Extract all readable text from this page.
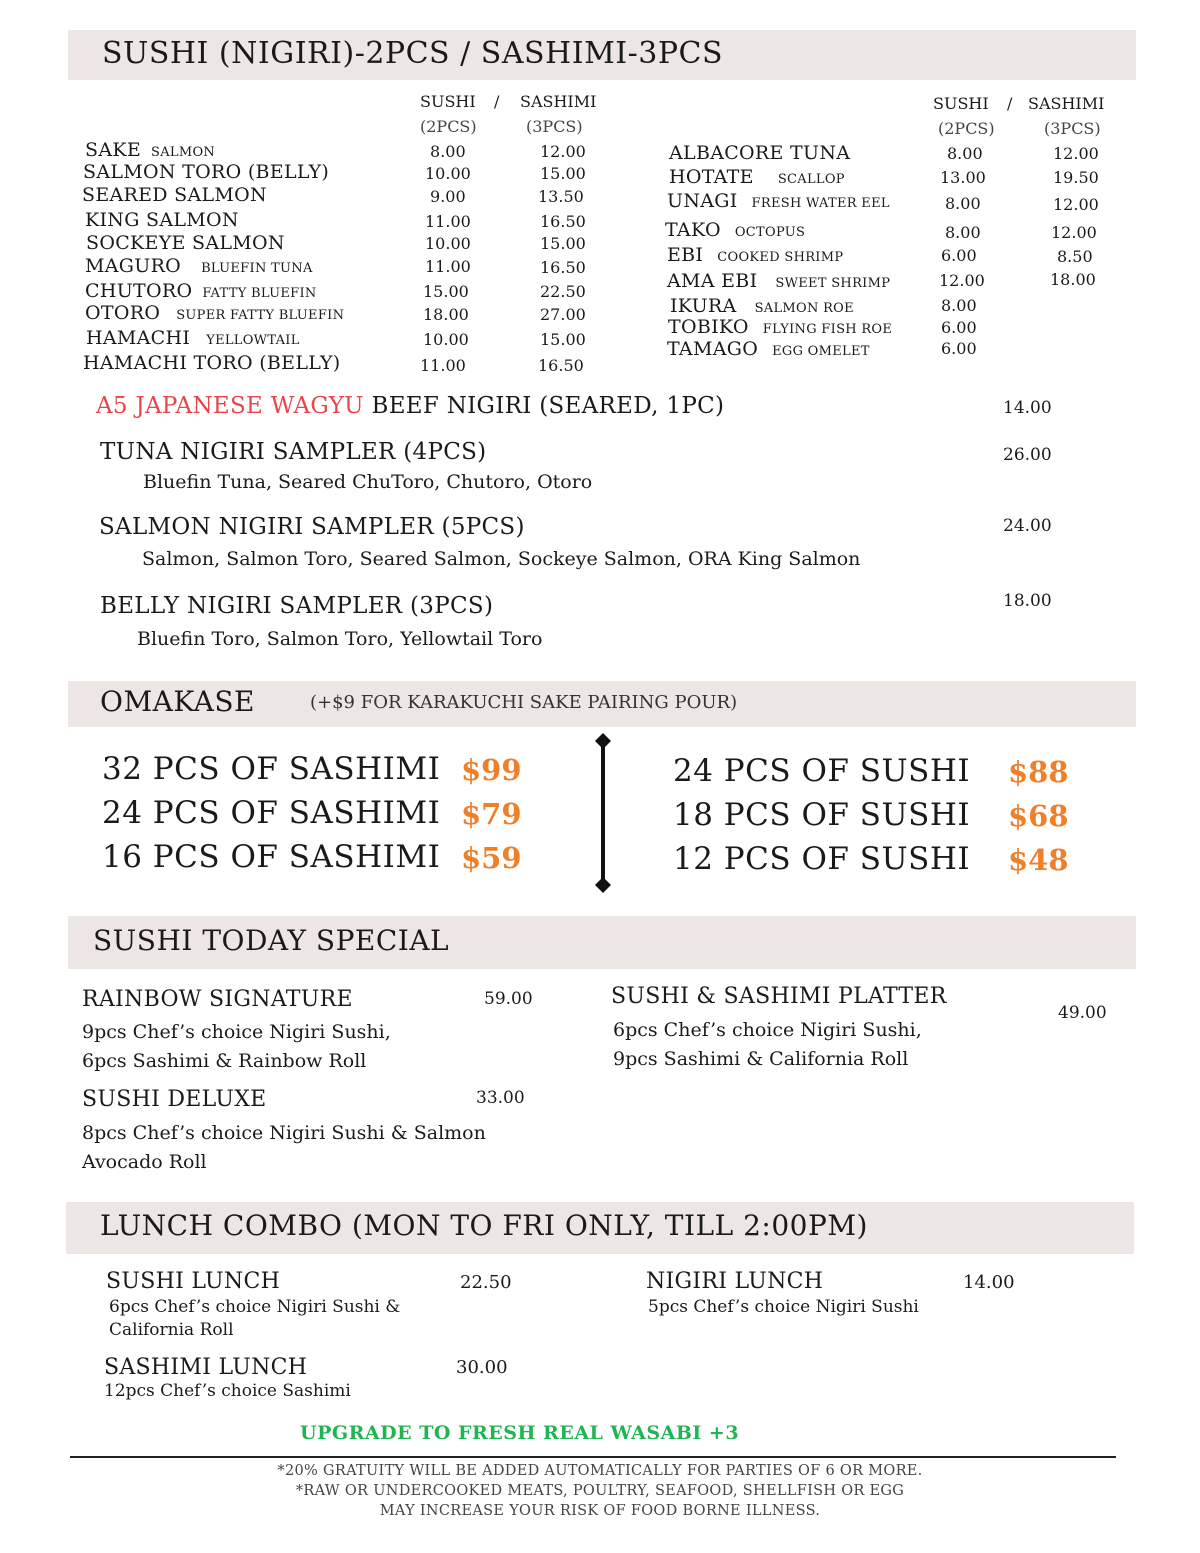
SUSHI (NIGIRI)-2PCS / SASHIMI-3PCS
SUSHI / SASHIMI
(2PCS)	(3PCS)
SUSHI / SASHIMI
(2PCS)	(3PCS)
SAKE SALMON	8.00	12.00
SALMON TORO (BELLY)	10.00	15.00
SEARED SALMON	9.00	13.50
KING SALMON	11.00	16.50
SOCKEYE SALMON	10.00	15.00
MAGURO BLUEFIN TUNA	11.00	16.50
CHUTORO FATTY BLUEFIN	15.00	22.50
OTORO SUPER FATTY BLUEFIN	18.00	27.00
HAMACHI YELLOWTAIL	10.00	15.00
HAMACHI TORO (BELLY)	11.00	16.50
ALBACORE TUNA	8.00	12.00
HOTATE SCALLOP	13.00	19.50
UNAGI FRESH WATER EEL	8.00	12.00
TAKO OCTOPUS	8.00	12.00
EBI COOKED SHRIMP	6.00	8.50
AMA EBI SWEET SHRIMP	12.00	18.00
IKURA SALMON ROE	8.00
TOBIKO FLYING FISH ROE	6.00
TAMAGO EGG OMELET	6.00
A5 JAPANESE WAGYU BEEF NIGIRI (SEARED, 1PC)	14.00
TUNA NIGIRI SAMPLER (4PCS)
Bluefin Tuna, Seared ChuToro, Chutoro, Otoro
26.00
SALMON NIGIRI SAMPLER (5PCS)
Salmon, Salmon Toro, Seared Salmon, Sockeye Salmon, ORA King Salmon
24.00
BELLY NIGIRI SAMPLER (3PCS)
Bluefin Toro, Salmon Toro, Yellowtail Toro
18.00
OMAKASE	(+$9 FOR KARAKUCHI SAKE PAIRING POUR)
32 PCS OF SASHIMI $99
24 PCS OF SASHIMI $79
16 PCS OF SASHIMI $59
24 PCS OF SUSHI $88
18 PCS OF SUSHI $68
12 PCS OF SUSHI $48
SUSHI TODAY SPECIAL
RAINBOW SIGNATURE	59.00
9pcs Chef’s choice Nigiri Sushi, 6pcs Sashimi & Rainbow Roll
SUSHI DELUXE	33.00
8pcs Chef’s choice Nigiri Sushi & Salmon Avocado Roll
SUSHI & SASHIMI PLATTER
49.00
6pcs Chef’s choice Nigiri Sushi, 9pcs Sashimi & California Roll
LUNCH COMBO (MON TO FRI ONLY, TILL 2:00PM)
SUSHI LUNCH	22.50
6pcs Chef’s choice Nigiri Sushi & California Roll
SASHIMI LUNCH	30.00
12pcs Chef’s choice Sashimi
NIGIRI LUNCH	14.00
5pcs Chef’s choice Nigiri Sushi
UPGRADE TO FRESH REAL WASABI +3
*20% GRATUITY WILL BE ADDED AUTOMATICALLY FOR PARTIES OF 6 OR MORE.
*RAW OR UNDERCOOKED MEATS, POULTRY, SEAFOOD, SHELLFISH OR EGG
MAY INCREASE YOUR RISK OF FOOD BORNE ILLNESS.
